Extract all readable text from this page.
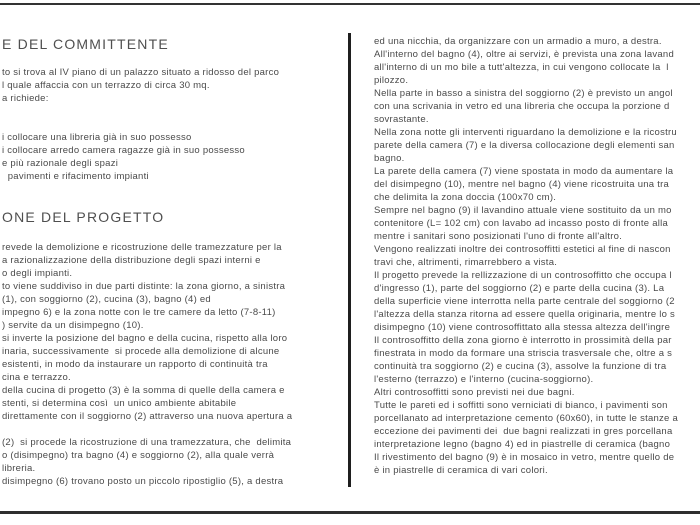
E DEL COMMITTENTE
to si trova al IV piano di un palazzo situato a ridosso del parco
l quale affaccia con un terrazzo di circa 30 mq.
a richiede:
i collocare una libreria già in suo possesso
i collocare arredo camera ragazze già in suo possesso
e più razionale degli spazi
pavimenti e rifacimento impianti
ONE DEL PROGETTO
revede la demolizione e ricostruzione delle tramezzature per la
a razionalizzazione della distribuzione degli spazi interni e
o degli impianti.
to viene suddiviso in due parti distinte: la zona giorno, a sinistra
(1), con soggiorno (2), cucina (3), bagno (4) ed
impegno 6) e la zona notte con le tre camere da letto (7-8-11)
) servite da un disimpegno (10).
si inverte la posizione del bagno e della cucina, rispetto alla loro
inaria, successivamente  si procede alla demolizione di alcune
esistenti, in modo da instaurare un rapporto di continuità tra
cina e terrazzo.
della cucina di progetto (3) è la somma di quelle della camera e
stenti, si determina così  un unico ambiente abitabile
direttamente con il soggiorno (2) attraverso una nuova apertura a
(2)  si procede la ricostruzione di una tramezzatura, che  delimita
o (disimpegno) tra bagno (4) e soggiorno (2), alla quale verrà
libreria.
disimpegno (6) trovano posto un piccolo ripostiglio (5), a destra
ed una nicchia, da organizzare con un armadio a muro, a destra.
All'interno del bagno (4), oltre ai servizi, è prevista una zona lavand
all'interno di un mo bile a tutt'altezza, in cui vengono collocate la  l
pilozzo.
Nella parte in basso a sinistra del soggiorno (2) è previsto un angol
con una scrivania in vetro ed una libreria che occupa la porzione d
sovrastante.
Nella zona notte gli interventi riguardano la demolizione e la ricostru
parete della camera (7) e la diversa collocazione degli elementi san
bagno.
La parete della camera (7) viene spostata in modo da aumentare la
del disimpegno (10), mentre nel bagno (4) viene ricostruita una tra
che delimita la zona doccia (100x70 cm).
Sempre nel bagno (9) il lavandino attuale viene sostituito da un mo
contenitore (L= 102 cm) con lavabo ad incasso posto di fronte alla
mentre i sanitari sono posizionati l'uno di fronte all'altro.
Vengono realizzati inoltre dei controsoffitti estetici al fine di nascon
travi che, altrimenti, rimarrebbero a vista.
Il progetto prevede la rellizzazione di un controsoffitto che occupa l
d'ingresso (1), parte del soggiorno (2) e parte della cucina (3). La
della superficie viene interrotta nella parte centrale del soggiorno (2
l'altezza della stanza ritorna ad essere quella originaria, mentre lo s
disimpegno (10) viene controsoffittato alla stessa altezza dell'ingre
Il controsoffitto della zona giorno è interrotto in prossimità della par
finestrata in modo da formare una striscia trasversale che, oltre a s
continuità tra soggiorno (2) e cucina (3), assolve la funzione di tra
l'esterno (terrazzo) e l'interno (cucina-soggiorno).
Altri controsoffitti sono previsti nei due bagni.
Tutte le pareti ed i soffitti sono verniciati di bianco, i pavimenti son
porcellanato ad interpretazione cemento (60x60), in tutte le stanze a
eccezione dei pavimenti dei  due bagni realizzati in gres porcellana
interpretazione legno (bagno 4) ed in piastrelle di ceramica (bagno
Il rivestimento del bagno (9) è in mosaico in vetro, mentre quello de
è in piastrelle di ceramica di vari colori.
